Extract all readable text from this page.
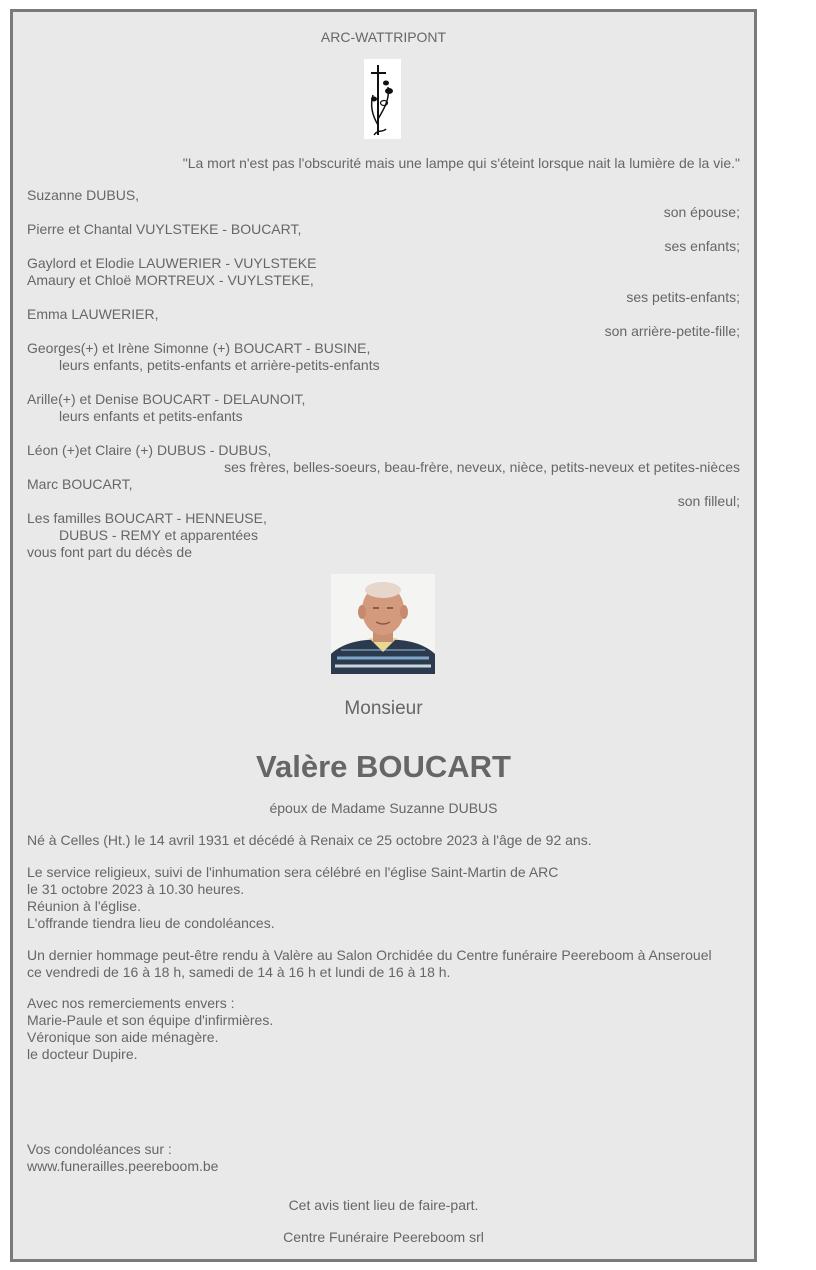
ARC-WATTRIPONT
"La mort n'est pas l'obscurité mais une lampe qui s'éteint lorsque nait la lumière de la vie."
Suzanne DUBUS,
son épouse;
Pierre et Chantal VUYLSTEKE - BOUCART,
ses enfants;
Gaylord et Elodie LAUWERIER - VUYLSTEKE
Amaury et Chloë MORTREUX - VUYLSTEKE,
ses petits-enfants;
Emma LAUWERIER,
son arrière-petite-fille;
Georges(+) et Irène Simonne (+) BOUCART - BUSINE,
leurs enfants, petits-enfants et arrière-petits-enfants
Arille(+) et Denise BOUCART - DELAUNOIT,
leurs enfants et petits-enfants
Léon (+)et Claire (+) DUBUS - DUBUS,
ses frères, belles-soeurs, beau-frère, neveux, nièce, petits-neveux et petites-nièces
Marc BOUCART,
son filleul;
Les familles BOUCART - HENNEUSE,
DUBUS - REMY et apparentées
vous font part du décès de
Monsieur
Valère BOUCART
époux de Madame Suzanne DUBUS
Né à Celles (Ht.) le 14 avril 1931 et décédé à Renaix ce 25 octobre 2023 à l'âge de 92 ans.
Le service religieux, suivi de l'inhumation sera célébré en l'église Saint-Martin de ARC
le 31 octobre 2023 à 10.30 heures.
Réunion à l'église.
L'offrande tiendra lieu de condoléances.
Un dernier hommage peut-être rendu à Valère au Salon Orchidée du Centre funéraire Peereboom à Anserouel
ce vendredi de 16 à 18 h, samedi de 14 à 16 h et lundi de 16 à 18 h.
Avec nos remerciements envers :
Marie-Paule et son équipe d'infirmières.
Véronique son aide ménagère.
le docteur Dupire.
Vos condoléances sur :
www.funerailles.peereboom.be
Cet avis tient lieu de faire-part.
Centre Funéraire Peereboom srl
